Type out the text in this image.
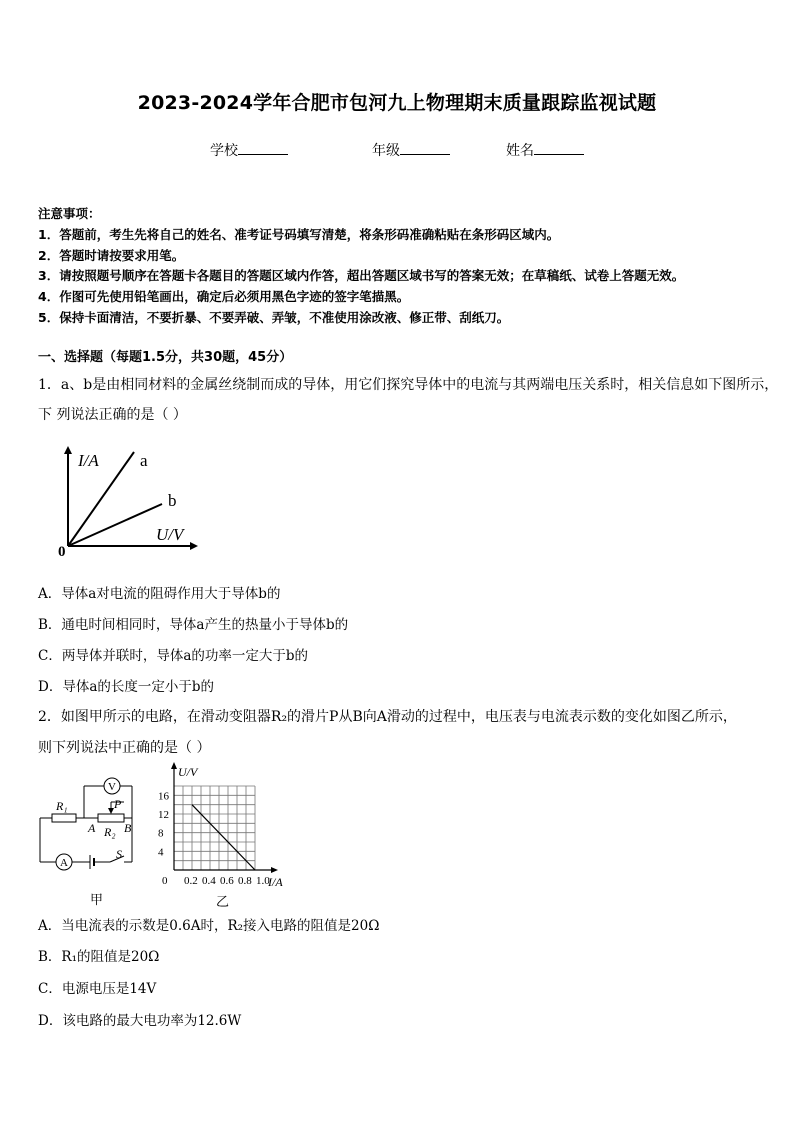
2023-2024学年合肥市包河九上物理期末质量跟踪监视试题
学校	年级	姓名
注意事项：
1．答题前，考生先将自己的姓名、准考证号码填写清楚，将条形码准确粘贴在条形码区域内。
2．答题时请按要求用笔。
3．请按照题号顺序在答题卡各题目的答题区域内作答，超出答题区域书写的答案无效；在草稿纸、试卷上答题无效。
4．作图可先使用铅笔画出，确定后必须用黑色字迹的签字笔描黑。
5．保持卡面清洁，不要折暴、不要弄破、弄皱，不准使用涂改液、修正带、刮纸刀。
一、选择题（每题1.5分，共30题，45分）
1．a、b是由相同材料的金属丝绕制而成的导体，用它们探究导体中的电流与其两端电压关系时，相关信息如下图所示，
下 列说法正确的是（ ）
I/A a
b
U/V
0
A．导体a对电流的阻碍作用大于导体b的
B．通电时间相同时，导体a产生的热量小于导体b的
C．两导体并联时，导体a的功率一定大于b的
D．导体a的长度一定小于b的
2．如图甲所示的电路，在滑动变阻器R₂的滑片P从B向A滑动的过程中，电压表与电流表示数的变化如图乙所示，
则下列说法中正确的是（ ）
V
A
R₁	P
A R₂ B
S
甲
4
8
12
16
0 0.2 0.4 0.6 0.8 1.0
U/V
I/A
乙
A．当电流表的示数是0.6A时，R₂接入电路的阻值是20Ω
B．R₁的阻值是20Ω
C．电源电压是14V
D．该电路的最大电功率为12.6W
